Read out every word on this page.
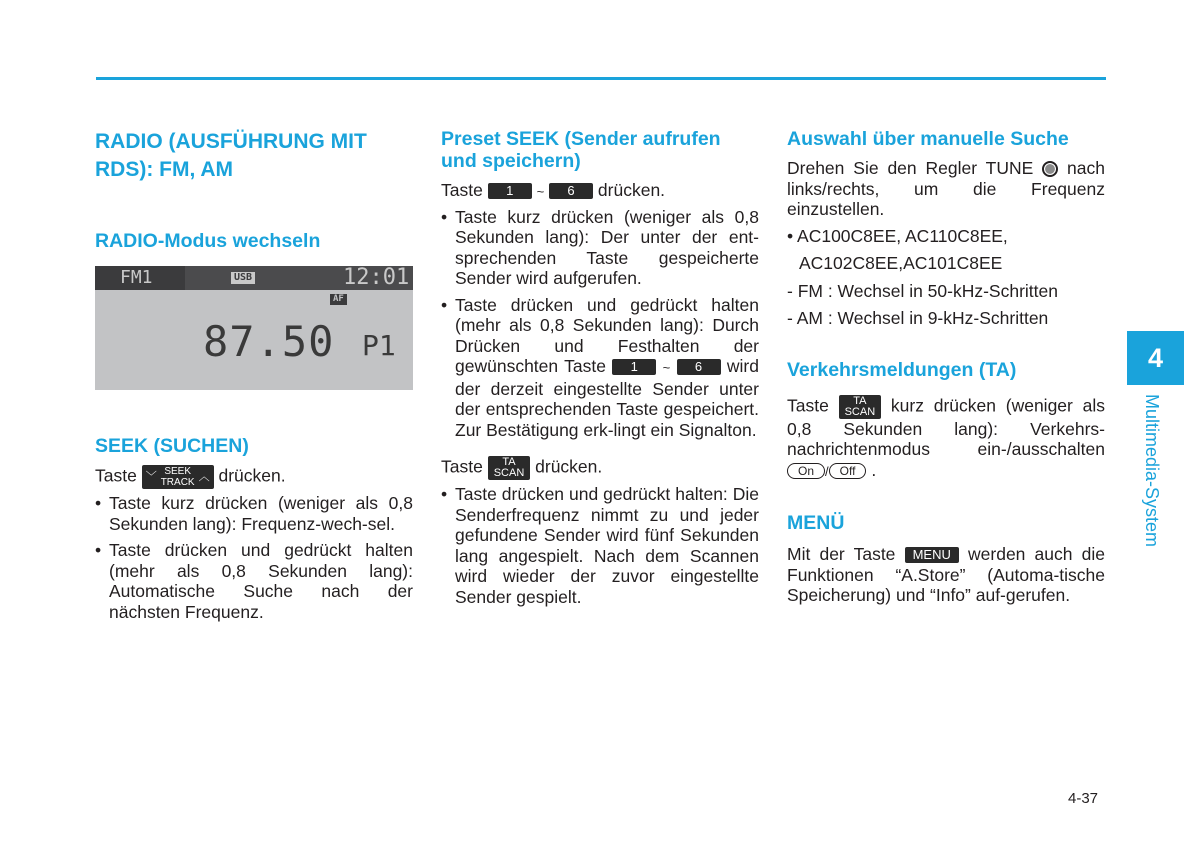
RADIO (AUSFÜHRUNG MIT RDS): FM, AM
RADIO-Modus wechseln
FM1	USB	12:01
AF
87.50 P1
SEEK (SUCHEN)

Taste ﹀ SEEK
TRACK ︿ drücken.

• Taste kurz drücken (weniger als 0,8 Sekunden lang): Frequenz-wech-sel.
• Taste drücken und gedrückt halten (mehr als 0,8 Sekunden lang): Automatische Suche nach der nächsten Frequenz.
Preset SEEK (Sender aufrufen und speichern)

Taste 1 ~ 6 drücken.

• Taste kurz drücken (weniger als 0,8 Sekunden lang): Der unter der ent-sprechenden Taste gespeicherte Sender wird aufgerufen.
• Taste drücken und gedrückt halten (mehr als 0,8 Sekunden lang): Durch Drücken und Festhalten der gewünschten Taste 1 ~ 6 wird der derzeit eingestellte Sender unter der entsprechenden Taste gespeichert. Zur Bestätigung erk-lingt ein Signalton.

Taste TA
SCAN drücken.

• Taste drücken und gedrückt halten: Die Senderfrequenz nimmt zu und jeder gefundene Sender wird fünf Sekunden lang angespielt. Nach dem Scannen wird wieder der zuvor eingestellte Sender gespielt.
Auswahl über manuelle Suche

Drehen Sie den Regler TUNE nach links/rechts, um die Frequenz einzustellen.

• AC100C8EE, AC110C8EE,
AC102C8EE,AC101C8EE
- FM : Wechsel in 50-kHz-Schritten
- AM : Wechsel in 9-kHz-Schritten
Verkehrsmeldungen (TA)

Taste TA
SCAN kurz drücken (weniger als 0,8 Sekunden lang): Verkehrs-nachrichtenmodus ein-/ausschalten On / Off .

MENÜ

Mit der Taste MENU werden auch die Funktionen “A.Store” (Automa-tische Speicherung) und “Info” auf-gerufen.

4
Multimedia-System
4-37
